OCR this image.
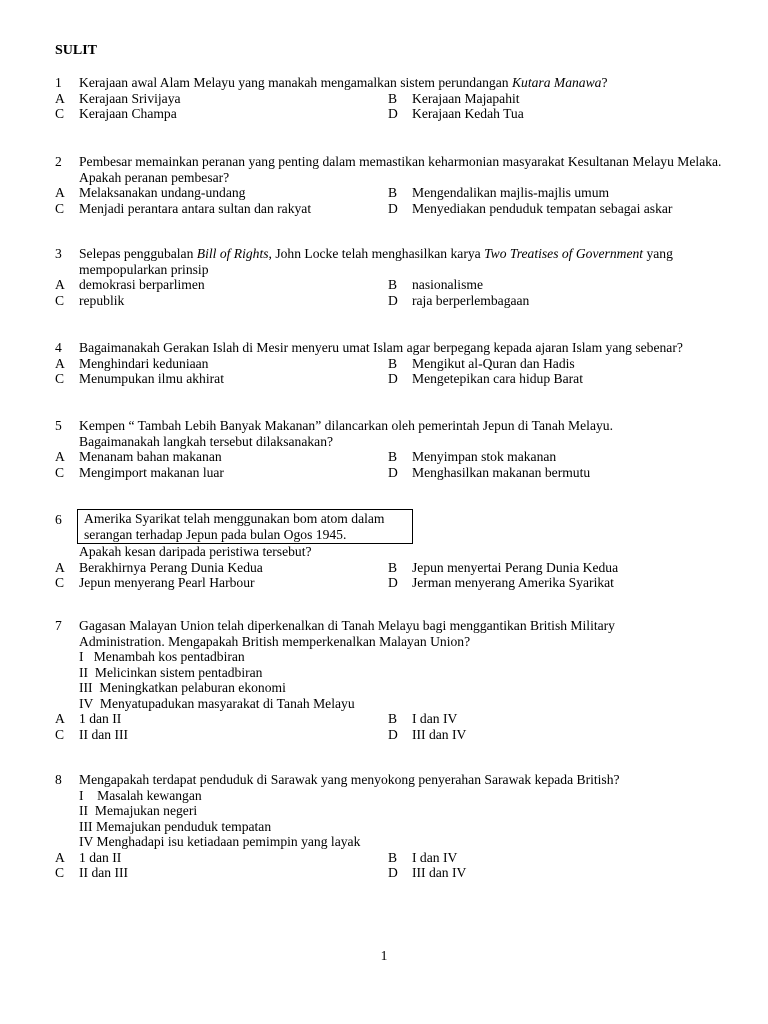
SULIT
1 Kerajaan awal Alam Melayu yang manakah mengamalkan sistem perundangan Kutara Manawa?
A Kerajaan Srivijaya	B Kerajaan Majapahit
C Kerajaan Champa	D Kerajaan Kedah Tua
2 Pembesar memainkan peranan yang penting dalam memastikan keharmonian masyarakat Kesultanan Melayu Melaka. Apakah peranan pembesar?
A Melaksanakan undang-undang	B Mengendalikan majlis-majlis umum
C Menjadi perantara antara sultan dan rakyat	D Menyediakan penduduk tempatan sebagai askar
3 Selepas penggubalan Bill of Rights, John Locke telah menghasilkan karya Two Treatises of Government yang mempopularkan prinsip
A demokrasi berparlimen	B nasionalisme
C republik	D raja berperlembagaan
4 Bagaimanakah Gerakan Islah di Mesir menyeru umat Islam agar berpegang kepada ajaran Islam yang sebenar?
A Menghindari keduniaan	B Mengikut al-Quran dan Hadis
C Menumpukan ilmu akhirat	D Mengetepikan cara hidup Barat
5 Kempen “ Tambah Lebih Banyak Makanan” dilancarkan oleh pemerintah Jepun di Tanah Melayu.
Bagaimanakah langkah tersebut dilaksanakan?
A Menanam bahan makanan	B Menyimpan stok makanan
C Mengimport makanan luar	D Menghasilkan makanan bermutu
6 Amerika Syarikat telah menggunakan bom atom dalam
serangan terhadap Jepun pada bulan Ogos 1945.
Apakah kesan daripada peristiwa tersebut?
A Berakhirnya Perang Dunia Kedua	B Jepun menyertai Perang Dunia Kedua
C Jepun menyerang Pearl Harbour	D Jerman menyerang Amerika Syarikat
7 Gagasan Malayan Union telah diperkenalkan di Tanah Melayu bagi menggantikan British Military
Administration. Mengapakah British memperkenalkan Malayan Union?
I   Menambah kos pentadbiran
II  Melicinkan sistem pentadbiran
III  Meningkatkan pelaburan ekonomi
IV  Menyatupadukan masyarakat di Tanah Melayu
A 1 dan II	B I dan IV
C II dan III	D III dan IV
8 Mengapakah terdapat penduduk di Sarawak yang menyokong penyerahan Sarawak kepada British?
I    Masalah kewangan
II  Memajukan negeri
III Memajukan penduduk tempatan
IV Menghadapi isu ketiadaan pemimpin yang layak
A 1 dan II	B I dan IV
C II dan III	D III dan IV
1
